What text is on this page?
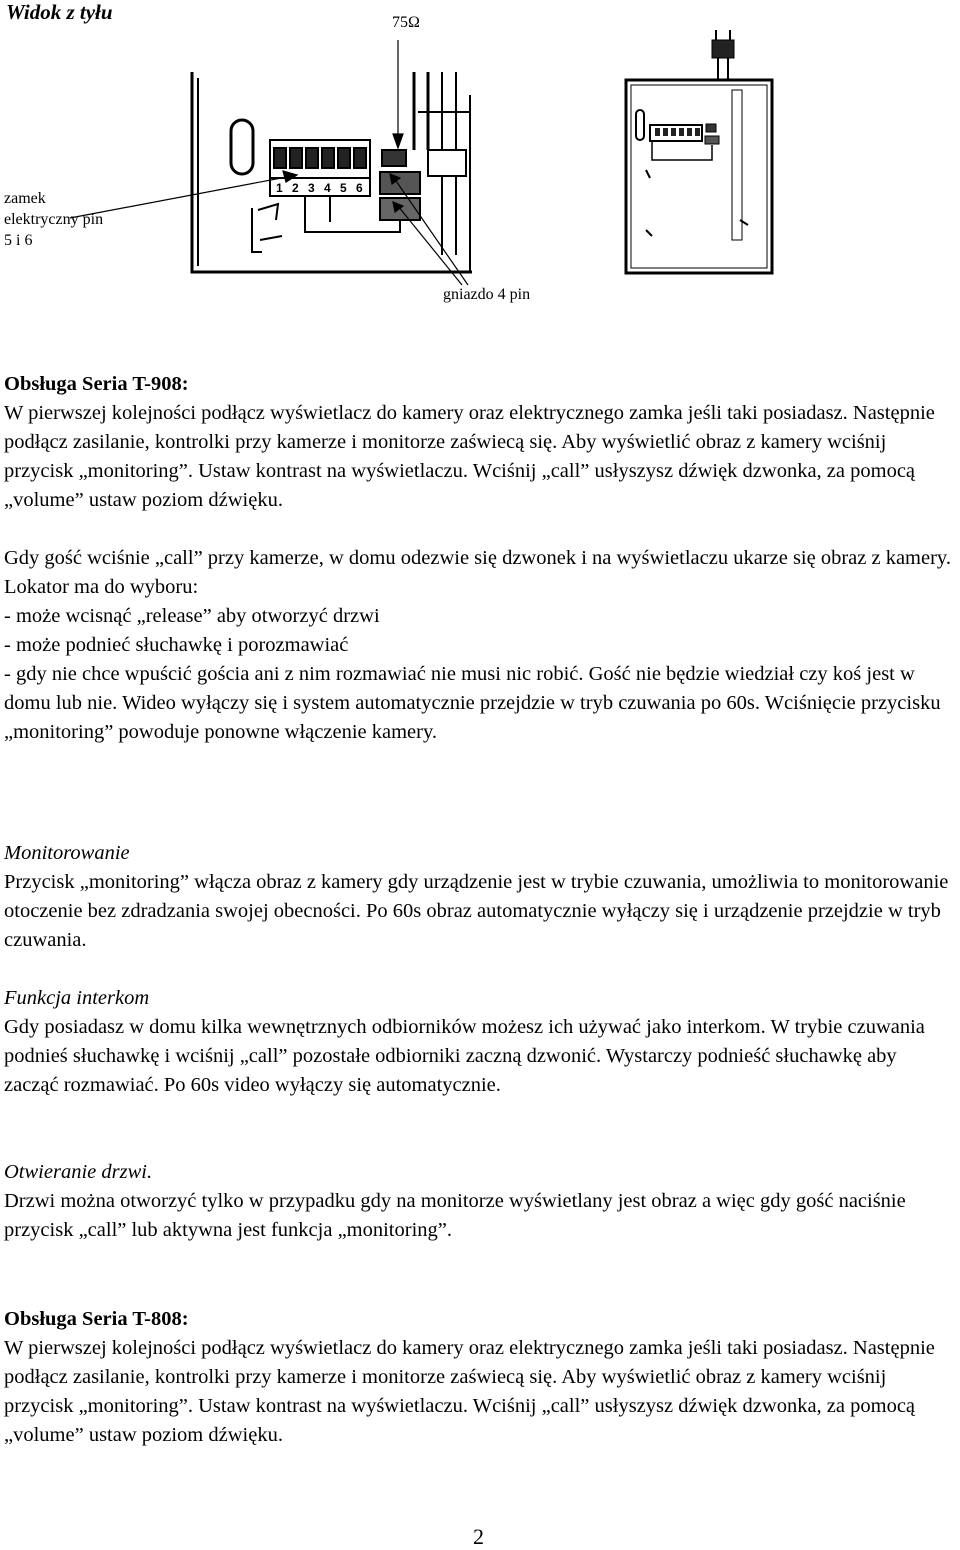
Widok z tyłu
1 2 3 4 5 6
75Ω
zamek elektryczny pin 5 i 6
gniazdo 4 pin

Obsługa Seria T-908:

W pierwszej kolejności podłącz wyświetlacz do kamery oraz elektrycznego zamka jeśli taki posiadasz. Następnie podłącz zasilanie, kontrolki przy kamerze i monitorze zaświecą się. Aby wyświetlić obraz z kamery wciśnij przycisk „monitoring”. Ustaw kontrast na wyświetlaczu. Wciśnij „call” usłyszysz dźwięk dzwonka, za pomocą „volume” ustaw poziom dźwięku.

Gdy gość wciśnie „call” przy kamerze, w domu odezwie się dzwonek i na wyświetlaczu ukarze się obraz z kamery.

Lokator ma do wyboru:

- może wcisnąć „release” aby otworzyć drzwi

- może podnieć słuchawkę i porozmawiać

- gdy nie chce wpuścić gościa ani z nim rozmawiać nie musi nic robić. Gość nie będzie wiedział czy koś jest w domu lub nie. Wideo wyłączy się i system automatycznie przejdzie w tryb czuwania po 60s. Wciśnięcie przycisku „monitoring” powoduje ponowne włączenie kamery.

Monitorowanie

Przycisk „monitoring” włącza obraz z kamery gdy urządzenie jest w trybie czuwania, umożliwia to monitorowanie otoczenie bez zdradzania swojej obecności. Po 60s obraz automatycznie wyłączy się i urządzenie przejdzie w tryb czuwania.

Funkcja interkom

Gdy posiadasz w domu kilka wewnętrznych odbiorników możesz ich używać jako interkom. W trybie czuwania podnieś słuchawkę i wciśnij „call” pozostałe odbiorniki zaczną dzwonić. Wystarczy podnieść słuchawkę aby zacząć rozmawiać. Po 60s video wyłączy się automatycznie.

Otwieranie drzwi.

Drzwi można otworzyć tylko w przypadku gdy na monitorze wyświetlany jest obraz a więc gdy gość naciśnie przycisk „call” lub aktywna jest funkcja „monitoring”.

Obsługa Seria T-808:

W pierwszej kolejności podłącz wyświetlacz do kamery oraz elektrycznego zamka jeśli taki posiadasz. Następnie podłącz zasilanie, kontrolki przy kamerze i monitorze zaświecą się. Aby wyświetlić obraz z kamery wciśnij przycisk „monitoring”. Ustaw kontrast na wyświetlaczu. Wciśnij „call” usłyszysz dźwięk dzwonka, za pomocą „volume” ustaw poziom dźwięku.

2
